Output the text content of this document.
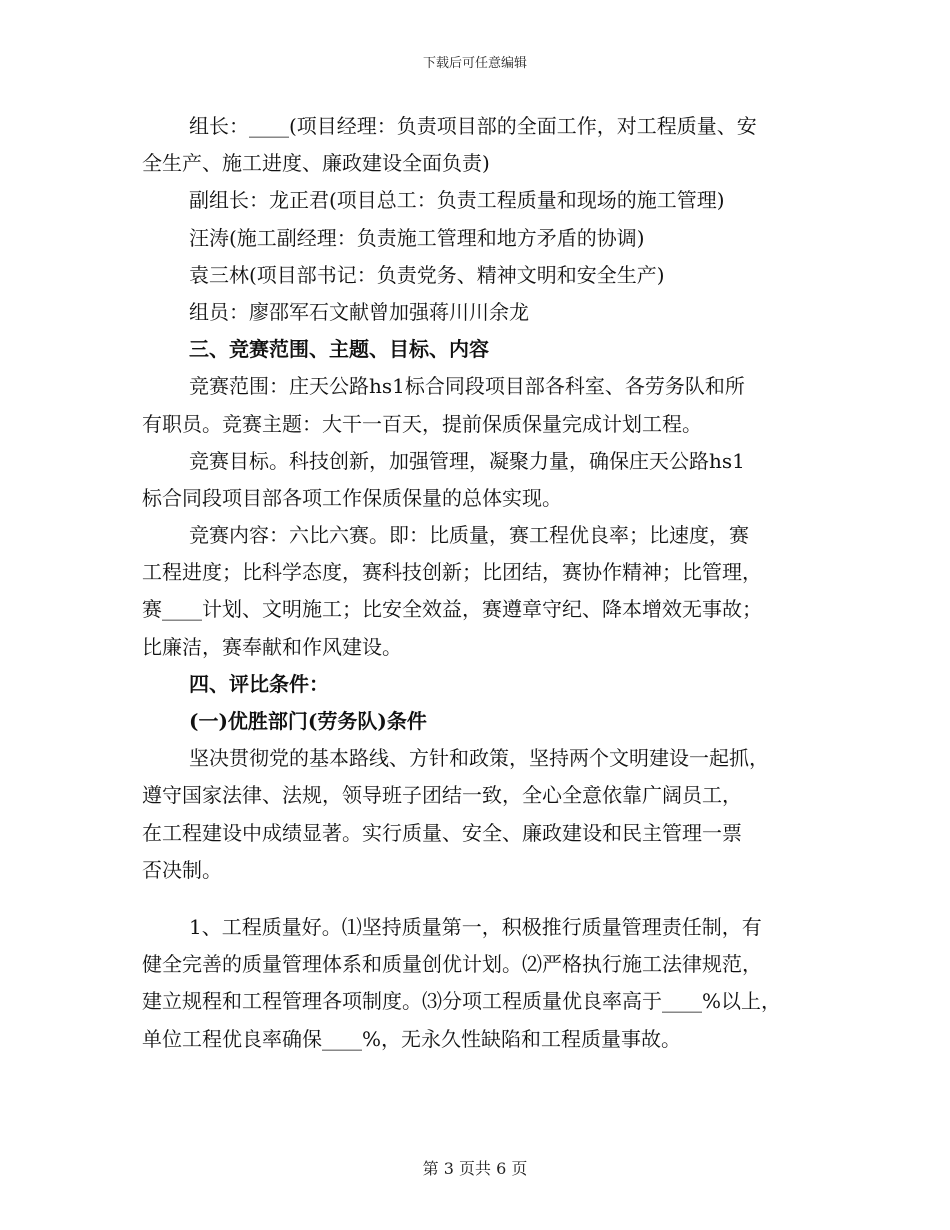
下载后可任意编辑
组长：____(项目经理：负责项目部的全面工作，对工程质量、安
全生产、施工进度、廉政建设全面负责)
副组长：龙正君(项目总工：负责工程质量和现场的施工管理)
汪涛(施工副经理：负责施工管理和地方矛盾的协调)
袁三林(项目部书记：负责党务、精神文明和安全生产)
组员：廖邵军石文献曾加强蒋川川余龙
三、竞赛范围、主题、目标、内容
竞赛范围：庄天公路hs1标合同段项目部各科室、各劳务队和所
有职员。竞赛主题：大干一百天，提前保质保量完成计划工程。
竞赛目标。科技创新，加强管理，凝聚力量，确保庄天公路hs1
标合同段项目部各项工作保质保量的总体实现。
竞赛内容：六比六赛。即：比质量，赛工程优良率；比速度，赛
工程进度；比科学态度，赛科技创新；比团结，赛协作精神；比管理，
赛____计划、文明施工；比安全效益，赛遵章守纪、降本增效无事故；
比廉洁，赛奉献和作风建设。
四、评比条件：
(一)优胜部门(劳务队)条件
坚决贯彻党的基本路线、方针和政策，坚持两个文明建设一起抓，
遵守国家法律、法规，领导班子团结一致，全心全意依靠广阔员工，
在工程建设中成绩显著。实行质量、安全、廉政建设和民主管理一票
否决制。
1、工程质量好。⑴坚持质量第一，积极推行质量管理责任制，有
健全完善的质量管理体系和质量创优计划。⑵严格执行施工法律规范，
建立规程和工程管理各项制度。⑶分项工程质量优良率高于____%以上，
单位工程优良率确保____%，无永久性缺陷和工程质量事故。
第 3 页共 6 页
